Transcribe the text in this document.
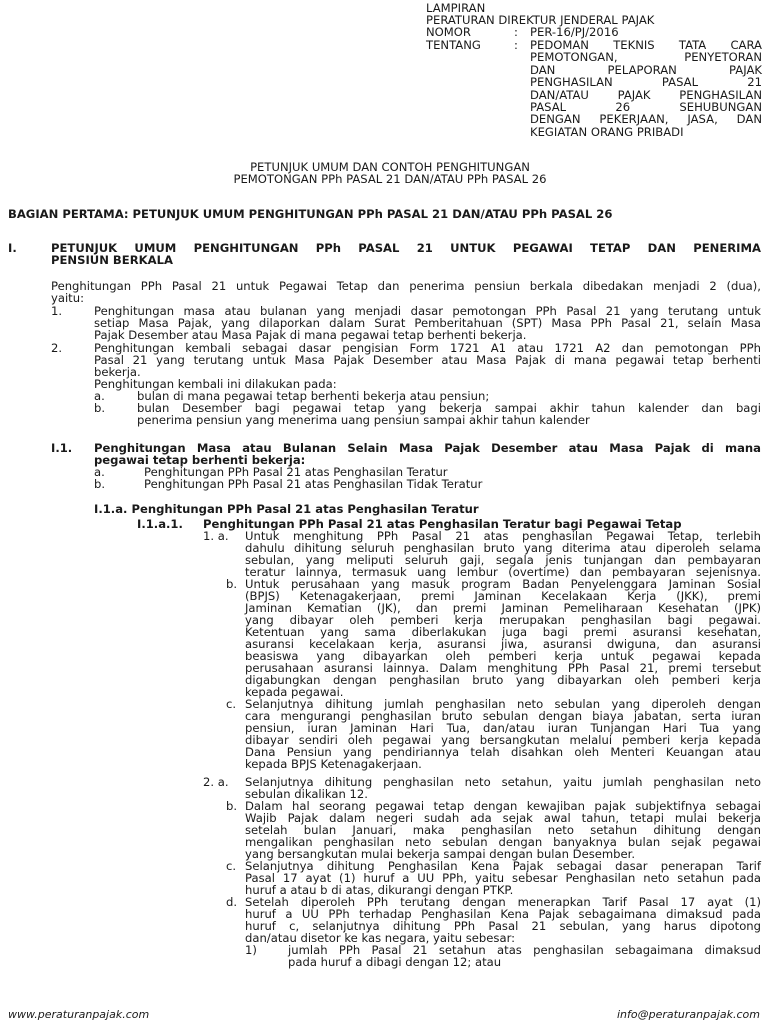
LAMPIRAN
PERATURAN DIREKTUR JENDERAL PAJAK
NOMOR	: PER-16/PJ/2016
TENTANG	:	PEDOMAN TEKNIS TATA CARA
PEMOTONGAN, PENYETORAN
DAN PELAPORAN PAJAK
PENGHASILAN PASAL 21
DAN/ATAU PAJAK PENGHASILAN
PASAL 26 SEHUBUNGAN
DENGAN PEKERJAAN, JASA, DAN
KEGIATAN ORANG PRIBADI
PETUNJUK UMUM DAN CONTOH PENGHITUNGAN
PEMOTONGAN PPh PASAL 21 DAN/ATAU PPh PASAL 26
BAGIAN PERTAMA: PETUNJUK UMUM PENGHITUNGAN PPh PASAL 21 DAN/ATAU PPh PASAL 26
I.	PETUNJUK UMUM PENGHITUNGAN PPh PASAL 21 UNTUK PEGAWAI TETAP DAN PENERIMA
PENSIUN BERKALA
Penghitungan PPh Pasal 21 untuk Pegawai Tetap dan penerima pensiun berkala dibedakan menjadi 2 (dua),
yaitu:
1.	Penghitungan masa atau bulanan yang menjadi dasar pemotongan PPh Pasal 21 yang terutang untuk
setiap Masa Pajak, yang dilaporkan dalam Surat Pemberitahuan (SPT) Masa PPh Pasal 21, selain Masa
Pajak Desember atau Masa Pajak di mana pegawai tetap berhenti bekerja.
2.	Penghitungan kembali sebagai dasar pengisian Form 1721 A1 atau 1721 A2 dan pemotongan PPh
Pasal 21 yang terutang untuk Masa Pajak Desember atau Masa Pajak di mana pegawai tetap berhenti
bekerja.
Penghitungan kembali ini dilakukan pada:
a.	bulan di mana pegawai tetap berhenti bekerja atau pensiun;
b.	bulan Desember bagi pegawai tetap yang bekerja sampai akhir tahun kalender dan bagi
penerima pensiun yang menerima uang pensiun sampai akhir tahun kalender
I.1. Penghitungan Masa atau Bulanan Selain Masa Pajak Desember atau Masa Pajak di mana
pegawai tetap berhenti bekerja:
a.	Penghitungan PPh Pasal 21 atas Penghasilan Teratur
b.	Penghitungan PPh Pasal 21 atas Penghasilan Tidak Teratur
I.1.a. Penghitungan PPh Pasal 21 atas Penghasilan Teratur
I.1.a.1. Penghitungan PPh Pasal 21 atas Penghasilan Teratur bagi Pegawai Tetap
1. a. Untuk menghitung PPh Pasal 21 atas penghasilan Pegawai Tetap, terlebih
dahulu dihitung seluruh penghasilan bruto yang diterima atau diperoleh selama
sebulan, yang meliputi seluruh gaji, segala jenis tunjangan dan pembayaran
teratur lainnya, termasuk uang lembur (overtime) dan pembayaran sejenisnya.
b. Untuk perusahaan yang masuk program Badan Penyelenggara Jaminan Sosial
(BPJS) Ketenagakerjaan, premi Jaminan Kecelakaan Kerja (JKK), premi
Jaminan Kematian (JK), dan premi Jaminan Pemeliharaan Kesehatan (JPK)
yang dibayar oleh pemberi kerja merupakan penghasilan bagi pegawai.
Ketentuan yang sama diberlakukan juga bagi premi asuransi kesehatan,
asuransi kecelakaan kerja, asuransi jiwa, asuransi dwiguna, dan asuransi
beasiswa yang dibayarkan oleh pemberi kerja untuk pegawai kepada
perusahaan asuransi lainnya. Dalam menghitung PPh Pasal 21, premi tersebut
digabungkan dengan penghasilan bruto yang dibayarkan oleh pemberi kerja
kepada pegawai.
c. Selanjutnya dihitung jumlah penghasilan neto sebulan yang diperoleh dengan
cara mengurangi penghasilan bruto sebulan dengan biaya jabatan, serta iuran
pensiun, iuran Jaminan Hari Tua, dan/atau iuran Tunjangan Hari Tua yang
dibayar sendiri oleh pegawai yang bersangkutan melalui pemberi kerja kepada
Dana Pensiun yang pendiriannya telah disahkan oleh Menteri Keuangan atau
kepada BPJS Ketenagakerjaan.
2. a. Selanjutnya dihitung penghasilan neto setahun, yaitu jumlah penghasilan neto
sebulan dikalikan 12.
b. Dalam hal seorang pegawai tetap dengan kewajiban pajak subjektifnya sebagai
Wajib Pajak dalam negeri sudah ada sejak awal tahun, tetapi mulai bekerja
setelah bulan Januari, maka penghasilan neto setahun dihitung dengan
mengalikan penghasilan neto sebulan dengan banyaknya bulan sejak pegawai
yang bersangkutan mulai bekerja sampai dengan bulan Desember.
c. Selanjutnya dihitung Penghasilan Kena Pajak sebagai dasar penerapan Tarif
Pasal 17 ayat (1) huruf a UU PPh, yaitu sebesar Penghasilan neto setahun pada
huruf a atau b di atas, dikurangi dengan PTKP.
d. Setelah diperoleh PPh terutang dengan menerapkan Tarif Pasal 17 ayat (1)
huruf a UU PPh terhadap Penghasilan Kena Pajak sebagaimana dimaksud pada
huruf c, selanjutnya dihitung PPh Pasal 21 sebulan, yang harus dipotong
dan/atau disetor ke kas negara, yaitu sebesar:
1)	jumlah PPh Pasal 21 setahun atas penghasilan sebagaimana dimaksud
pada huruf a dibagi dengan 12; atau
www.peraturanpajak.com	info@peraturanpajak.com
